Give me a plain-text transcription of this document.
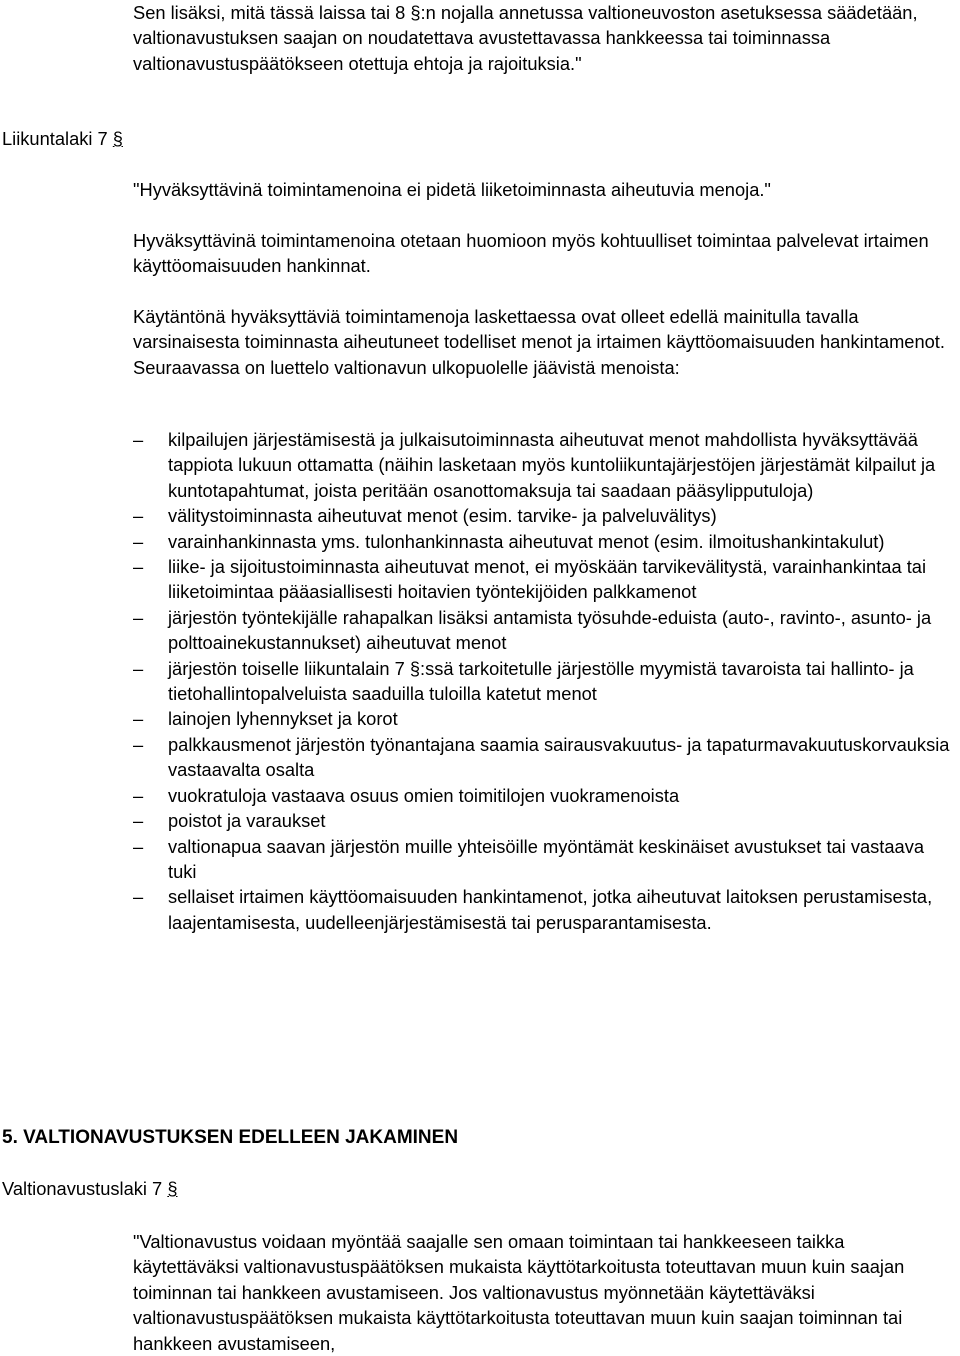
Sen lisäksi, mitä tässä laissa tai 8 §:n nojalla annetussa valtioneuvoston asetuksessa säädetään, valtionavustuksen saajan on noudatettava avustettavassa hankkeessa tai toiminnassa valtionavustuspäätökseen otettuja ehtoja ja rajoituksia."

Liikuntalaki 7 §

"Hyväksyttävinä toimintamenoina ei pidetä liiketoiminnasta aiheutuvia menoja."

Hyväksyttävinä toimintamenoina otetaan huomioon myös kohtuulliset toimintaa palvelevat irtaimen käyttöomaisuuden hankinnat.

Käytäntönä hyväksyttäviä toimintamenoja laskettaessa ovat olleet edellä mainitulla tavalla varsinaisesta toiminnasta aiheutuneet todelliset menot ja irtaimen käyttöomaisuuden hankintamenot. Seuraavassa on luettelo valtionavun ulkopuolelle jäävistä menoista:

–	kilpailujen järjestämisestä ja julkaisutoiminnasta aiheutuvat menot mahdollista hyväksyttävää tappiota lukuun ottamatta (näihin lasketaan myös kuntoliikuntajärjestöjen järjestämät kilpailut ja kuntotapahtumat, joista peritään osanottomaksuja tai saadaan pääsylipputuloja)
–	välitystoiminnasta aiheutuvat menot (esim. tarvike- ja palveluvälitys)
–	varainhankinnasta yms. tulonhankinnasta aiheutuvat menot (esim. ilmoitushankintakulut)
–	liike- ja sijoitustoiminnasta aiheutuvat menot, ei myöskään tarvikevälitystä, varainhankintaa tai liiketoimintaa pääasiallisesti hoitavien työntekijöiden palkkamenot
–	järjestön työntekijälle rahapalkan lisäksi antamista työsuhde-eduista (auto-, ravinto-, asunto- ja polttoainekustannukset) aiheutuvat menot
–	järjestön toiselle liikuntalain 7 §:ssä tarkoitetulle järjestölle myymistä tavaroista tai hallinto- ja tietohallintopalveluista saaduilla tuloilla katetut menot
–	lainojen lyhennykset ja korot
–	palkkausmenot järjestön työnantajana saamia sairausvakuutus- ja tapaturmavakuutuskorvauksia vastaavalta osalta
–	vuokratuloja vastaava osuus omien toimitilojen vuokramenoista
–	poistot ja varaukset
–	valtionapua saavan järjestön muille yhteisöille myöntämät keskinäiset avustukset tai vastaava tuki
–	sellaiset irtaimen käyttöomaisuuden hankintamenot, jotka aiheutuvat laitoksen perustamisesta, laajentamisesta, uudelleenjärjestämisestä tai perusparantamisesta.
5. VALTIONAVUSTUKSEN EDELLEEN JAKAMINEN

Valtionavustuslaki 7 §

"Valtionavustus voidaan myöntää saajalle sen omaan toimintaan tai hankkeeseen taikka käytettäväksi valtionavustuspäätöksen mukaista käyttötarkoitusta toteuttavan muun kuin saajan toiminnan tai hankkeen avustamiseen. Jos valtionavustus myönnetään käytettäväksi valtionavustuspäätöksen mukaista käyttötarkoitusta toteuttavan muun kuin saajan toiminnan tai hankkeen avustamiseen,
